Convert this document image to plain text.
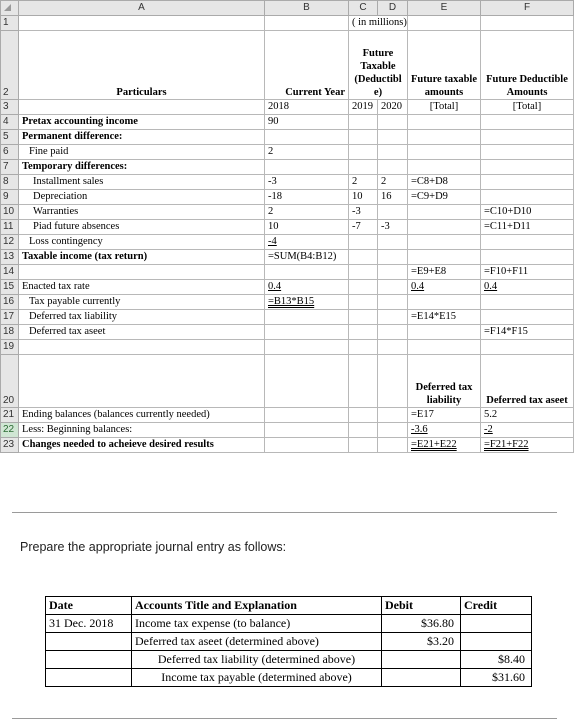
	A	B	C	D	E	F
1			( in millions)			
2	Particulars	Current Year	Future Taxable (Deductibl e)		Future taxable amounts	Future Deductible Amounts
3		2018	2019	2020	[Total]	[Total]
4	Pretax accounting income	90				
5	Permanent difference:					
6	Fine paid	2				
7	Temporary differences:					
8	Installment sales	-3	2	2	=C8+D8	
9	Depreciation	-18	10	16	=C9+D9	
10	Warranties	2	-3			=C10+D10
11	Piad future absences	10	-7	-3		=C11+D11
12	Loss contingency	-4				
13	Taxable income (tax return)	=SUM(B4:B12)				
14					=E9+E8	=F10+F11
15	Enacted tax rate	0.4			0.4	0.4
16	Tax payable currently	=B13*B15				
17	Deferred tax liability				=E14*E15	
18	Deferred tax aseet					=F14*F15
19						
20					Deferred tax liability	Deferred tax aseet
21	Ending balances (balances currently needed)				=E17	5.2
22	Less: Beginning balances:				-3.6	-2
23	Changes needed to acheieve desired results				=E21+E22	=F21+F22

Prepare the appropriate journal entry as follows:

Date	Accounts Title and Explanation	Debit	Credit
31 Dec. 2018	Income tax expense (to balance)	$36.80	
	Deferred tax aseet (determined above)	$3.20	
	Deferred tax liability (determined above)		$8.40
	Income tax payable (determined above)		$31.60
